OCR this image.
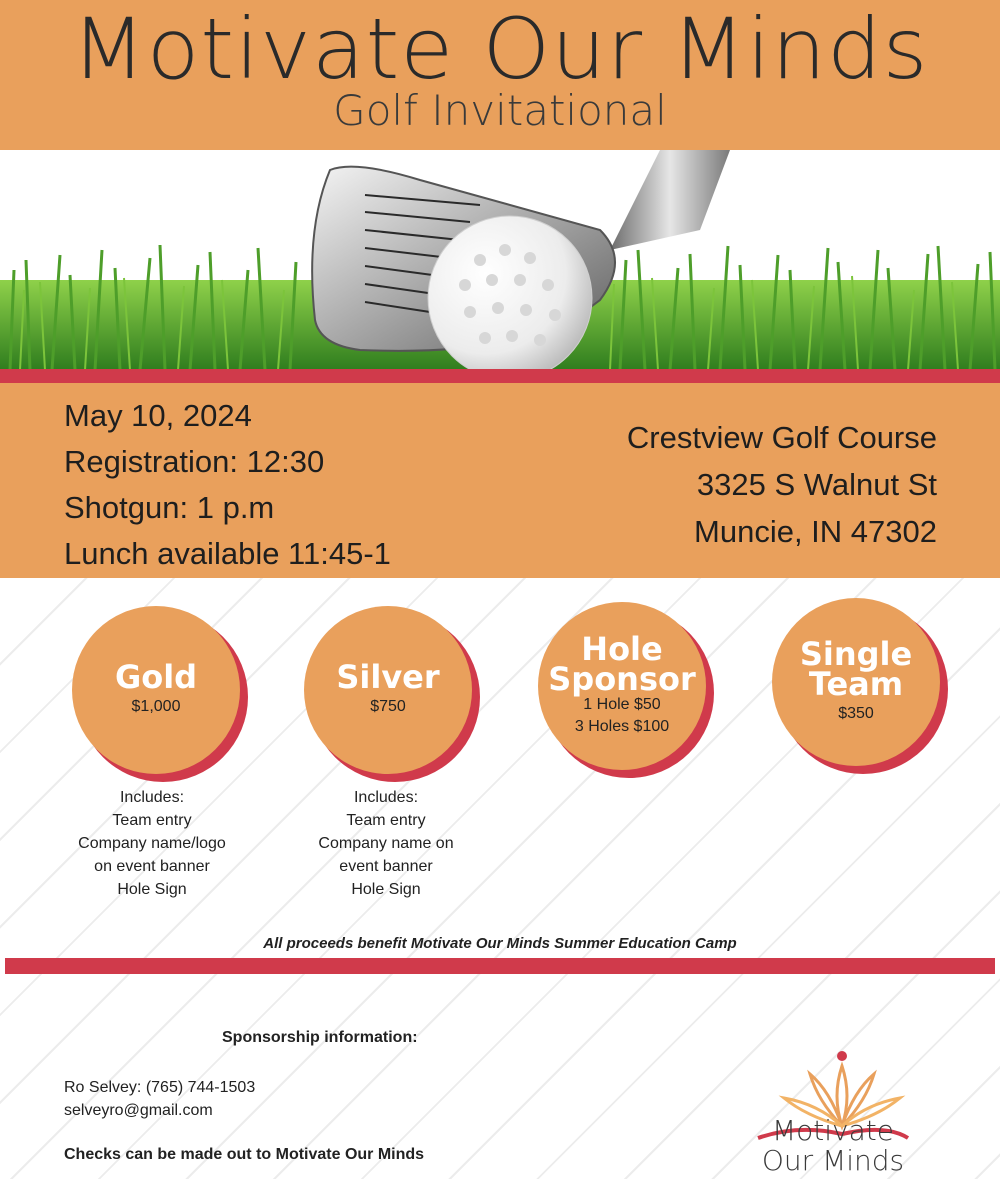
Motivate Our Minds
Golf Invitational
May 10, 2024
Registration: 12:30
Shotgun: 1 p.m
Lunch available 11:45-1
Crestview Golf Course
3325 S Walnut St
Muncie, IN 47302
Gold
$1,000
Silver
$750
Hole
Sponsor
1 Hole $50
3 Holes $100
Single
Team
$350
Includes:
Team entry
Company name/logo
on event banner
Hole Sign
Includes:
Team entry
Company name on
event banner
Hole Sign
All proceeds benefit Motivate Our Minds Summer Education Camp
Sponsorship information:
Ro Selvey: (765) 744-1503
selveyro@gmail.com
Checks can be made out to Motivate Our Minds
Motivate
Our Minds
